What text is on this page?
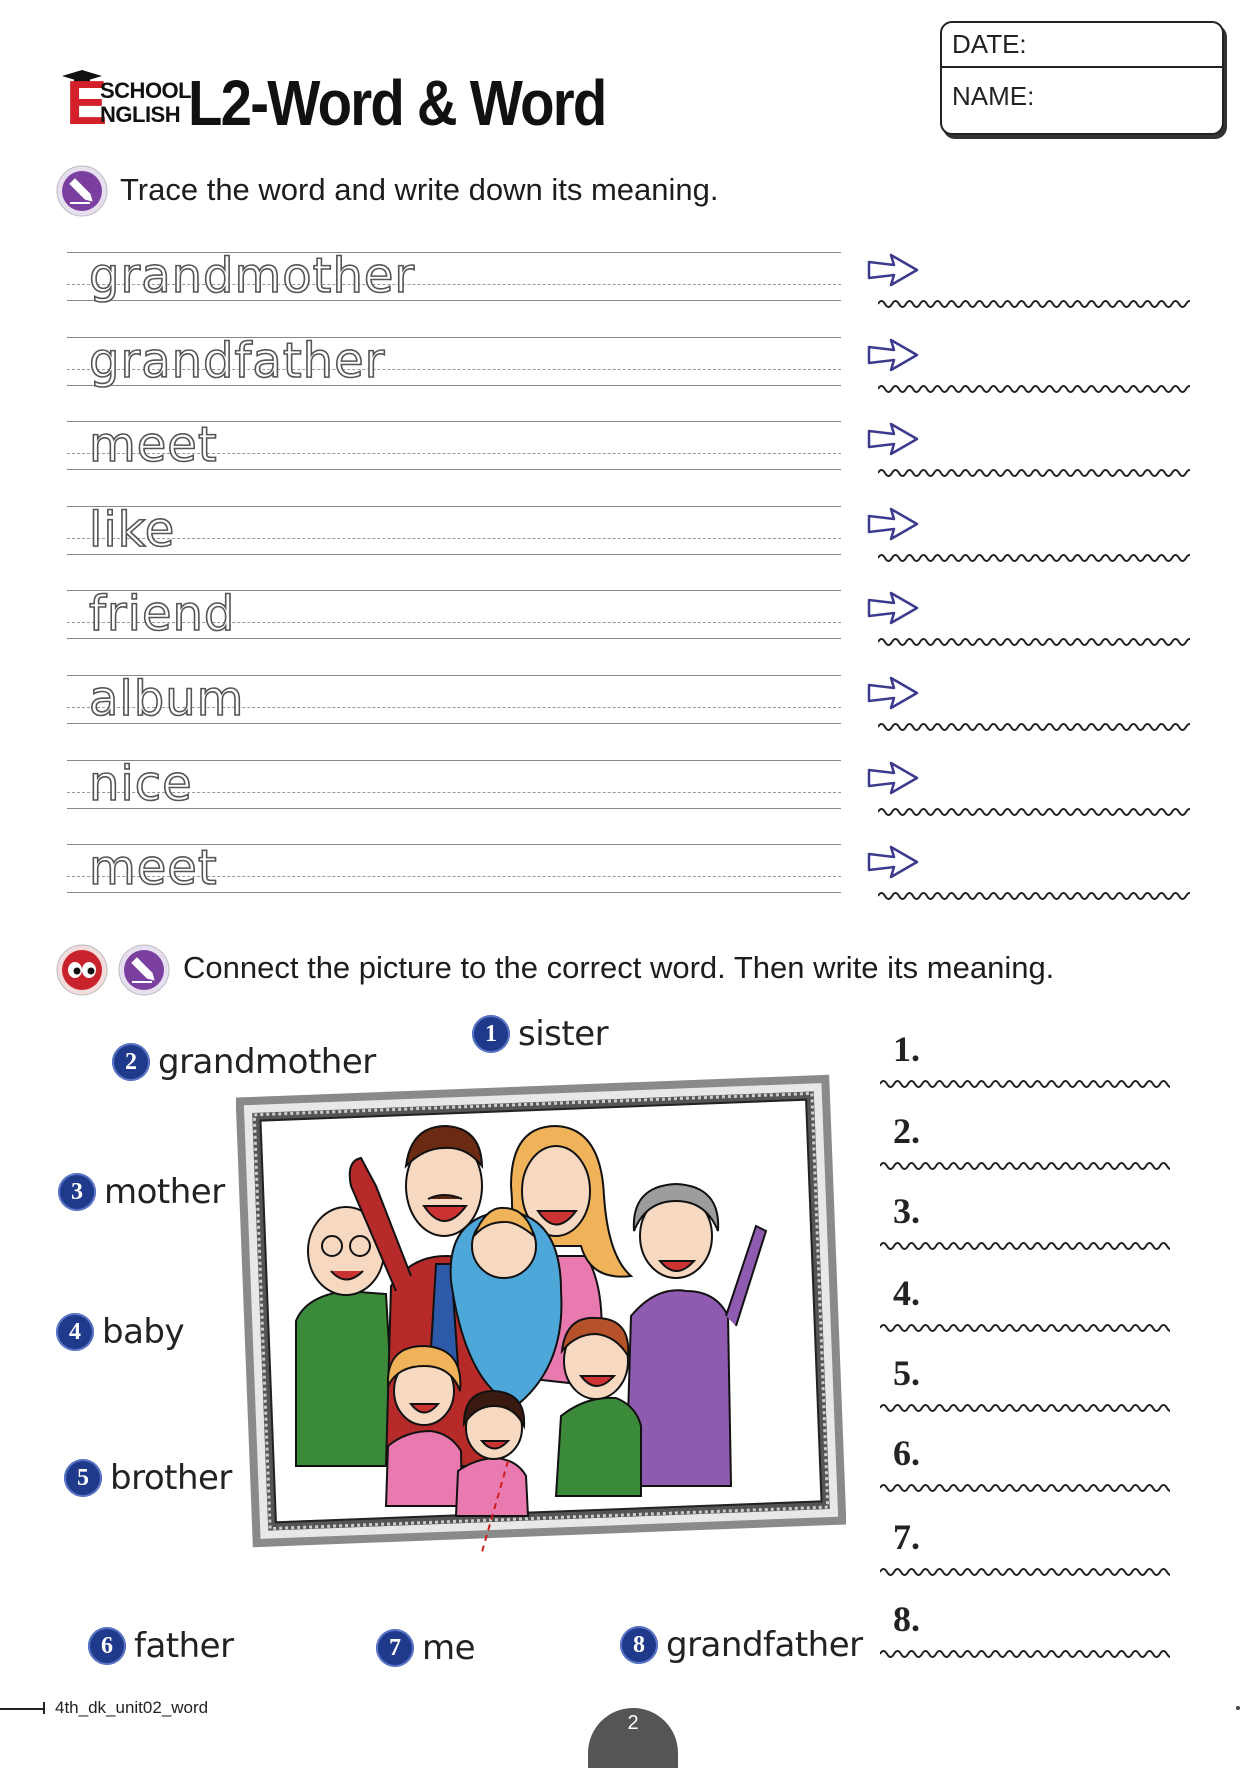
E
SCHOOL
NGLISH L2-Word & Word
DATE:
NAME:
Trace the word and write down its meaning.
grandmother
grandfather
meet
like
friend
album
nice
meet
Connect the picture to the correct word. Then write its meaning.
1 sister
2 grandmother
3 mother
4 baby
5 brother
6 father	7 me	8 grandfather
1.
2.
3.
4.
5.
6.
7.
8.
4th_dk_unit02_word
2
